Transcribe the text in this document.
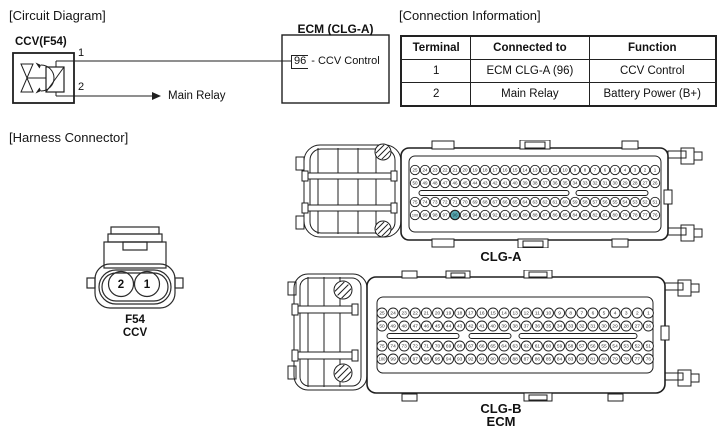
[Circuit Diagram]	[Connection Information]
[Harness Connector]
CCV(F54)
1
2
Main Relay
ECM (CLG-A)
96 - CCV Control
Terminal	Connected to	Function
1	ECM CLG-A (96)	CCV Control
2	Main Relay	Battery Power (B+)
2 1
F54
CCV
25 24 23 22 21 20 19 18 17 16 15 14 13 12 11 10 9 8 7 6 5 4 3 2 1
50 49 48 47 46 45 44 43 42 41 40 39 38 37 36 35 34 33 32 31 30 29 28 27 26
75 74 73 72 71 70 69 68 67 66 65 64 63 62 61 60 59 58 57 56 55 54 53 52 51
100 99 98 97 96 95 94 93 92 91 90 89 88 87 86 85 84 83 82 81 80 79 78 77 76
CLG-A
25 24 23 22 21 20 19 18 17 16 15 14 13 12 11 10 9 8 7 6 5 4 3 2 1
50 49 48 47 46 45 44 43 42 41 40 39 38 37 36 35 34 33 32 31 30 29 28 27 26
75 74 73 72 71 70 69 68 67 66 65 64 63 62 61 60 59 58 57 56 55 54 53 52 51
100 99 98 97 96 95 94 93 92 91 90 89 88 87 86 85 84 83 82 81 80 79 78 77 76
CLG-B
ECM
